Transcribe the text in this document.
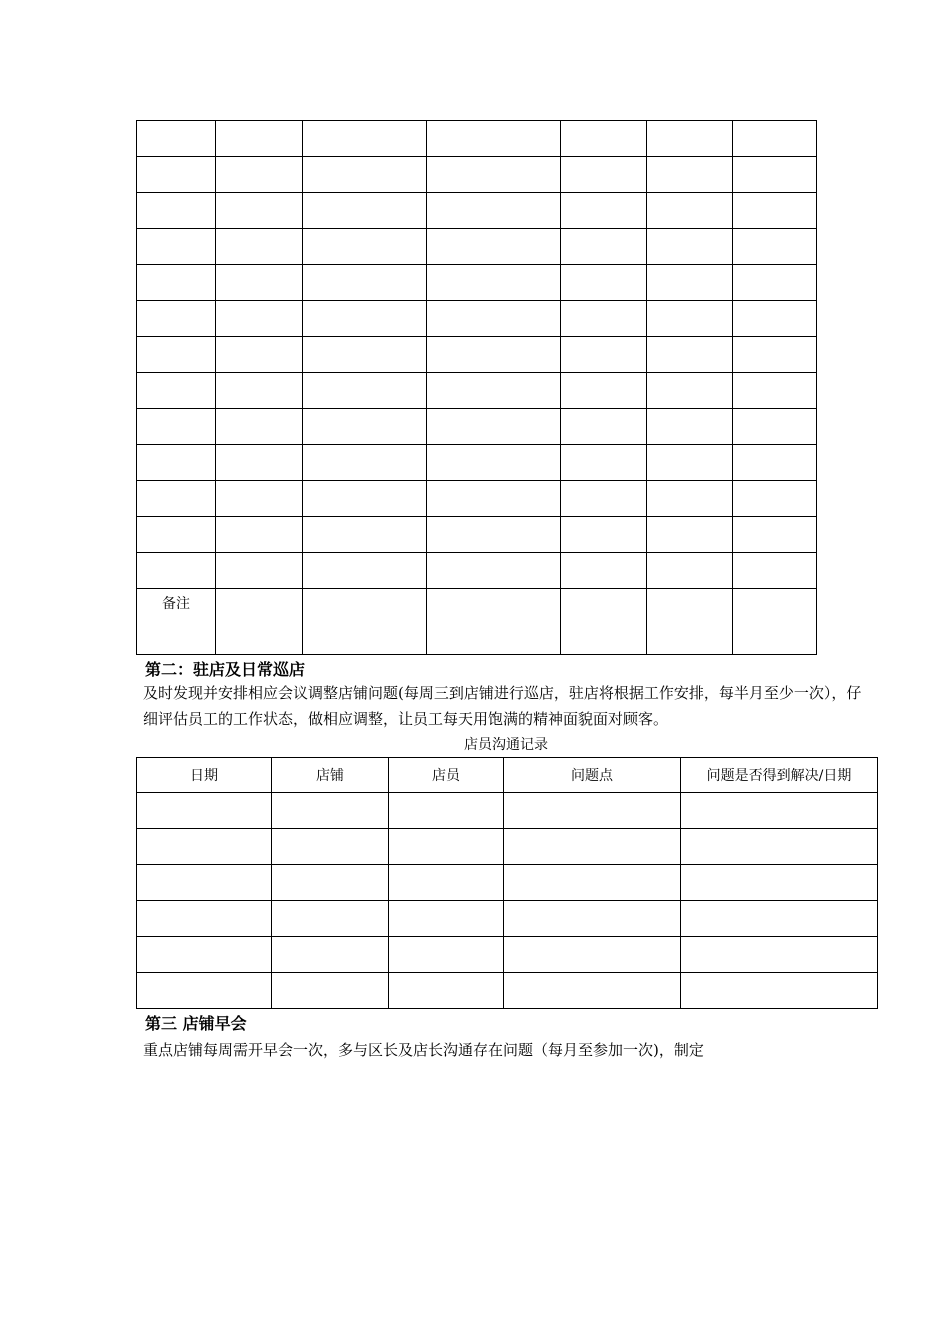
备注						
第二：驻店及日常巡店
及时发现并安排相应会议调整店铺问题(每周三到店铺进行巡店，驻店将根据工作安排，每半月至少一次），仔细评估员工的工作状态，做相应调整，让员工每天用饱满的精神面貌面对顾客。
店员沟通记录
日期	店铺	店员	问题点	问题是否得到解决/日期

第三 店铺早会
重点店铺每周需开早会一次，多与区长及店长沟通存在问题（每月至参加一次)，制定
